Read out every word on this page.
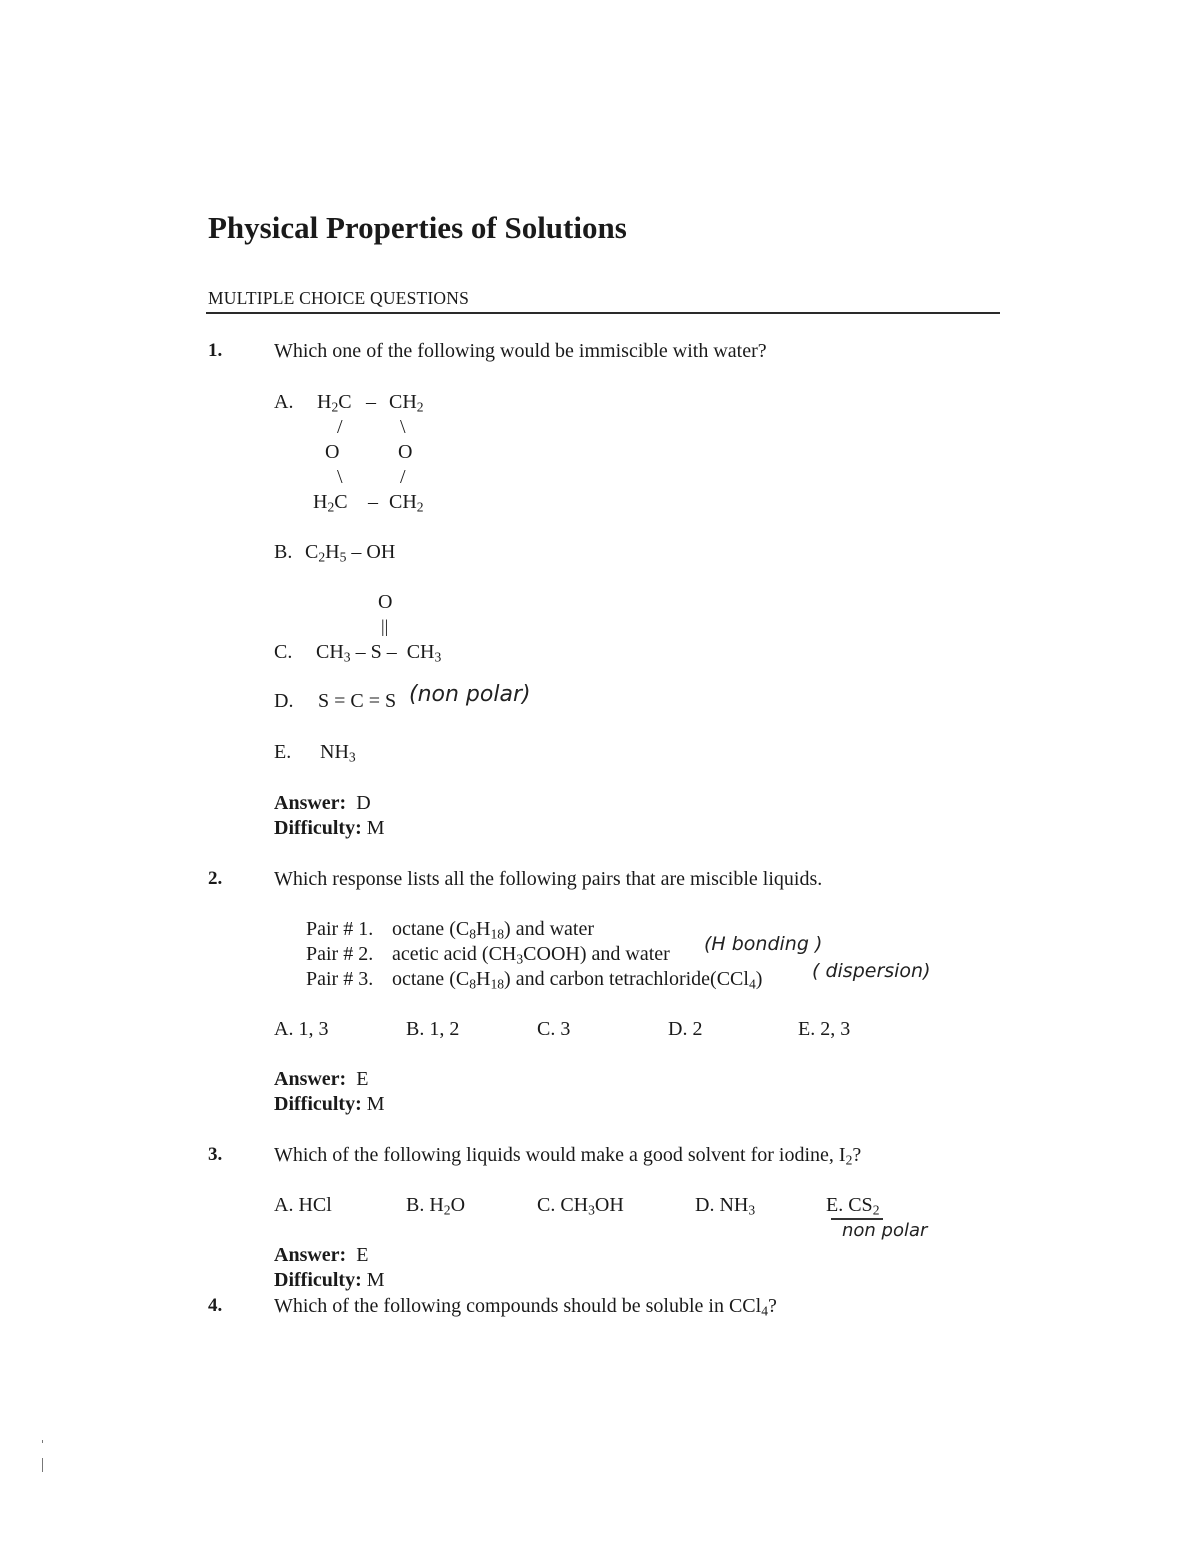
Physical Properties of Solutions
MULTIPLE CHOICE QUESTIONS
1.	Which one of the following would be immiscible with water?
A. $H_2C - CH_2$
/	\
O	O
\	/
$H_2C - CH_2$
B. $C_2H_5$ – OH
O
||
C. $CH_3$ – S –  $CH_3$
D. S = C = S (non polar)
E. $NH_3$
Answer: D
Difficulty: M
2.	Which response lists all the following pairs that are miscible liquids.
Pair # 1. octane $(C_8H_{18})$ and water
Pair # 2. acetic acid $(CH_3COOH)$ and water (H bonding )
Pair # 3. octane $(C_8H_{18})$ and carbon tetrachloride(CCl$_4$)	( dispersion)
A. 1, 3	B. 1, 2	C. 3	D. 2	E. 2, 3
Answer: E
Difficulty: M
3.	Which of the following liquids would make a good solvent for iodine, $I_2$?
A. HCl	B. $H_2O$	C. $CH_3OH$	D. $NH_3$	E. $CS_2$
non polar
Answer: E
Difficulty: M
4.	Which of the following compounds should be soluble in CCl$_4$?
